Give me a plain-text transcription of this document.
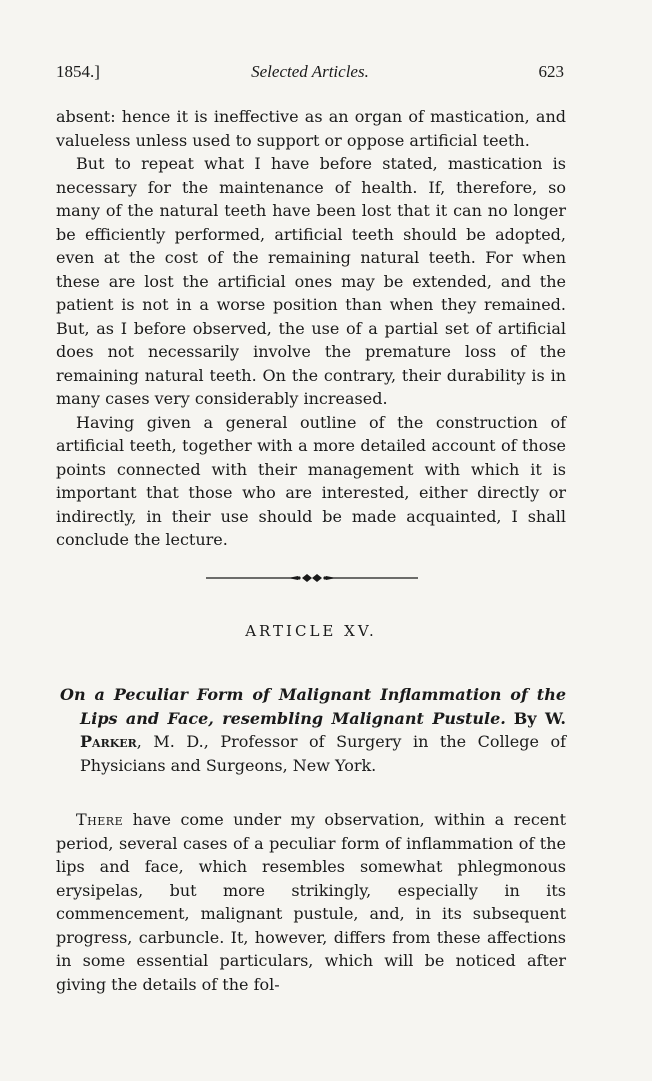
1854.]	Selected Articles.	623

absent: hence it is ineffective as an organ of mastication, and valueless unless used to support or oppose artificial teeth.

But to repeat what I have before stated, mastication is necessary for the maintenance of health. If, therefore, so many of the natural teeth have been lost that it can no longer be efficiently performed, artificial teeth should be adopted, even at the cost of the remaining natural teeth. For when these are lost the artificial ones may be extended, and the patient is not in a worse position than when they remained. But, as I before observed, the use of a partial set of artificial does not necessarily involve the premature loss of the remaining natural teeth. On the contrary, their durability is in many cases very considerably increased.

Having given a general outline of the construction of artificial teeth, together with a more detailed account of those points connected with their management with which it is important that those who are interested, either directly or indirectly, in their use should be made acquainted, I shall conclude the lecture.

ARTICLE XV.
On a Peculiar Form of Malignant Inflammation of the Lips and Face, resembling Malignant Pustule. By W. Parker, M. D., Professor of Surgery in the College of Physicians and Surgeons, New York.

There have come under my observation, within a recent period, several cases of a peculiar form of inflammation of the lips and face, which resembles somewhat phlegmonous erysipelas, but more strikingly, especially in its commencement, malignant pustule, and, in its subsequent progress, carbuncle. It, however, differs from these affections in some essential particulars, which will be noticed after giving the details of the fol-
